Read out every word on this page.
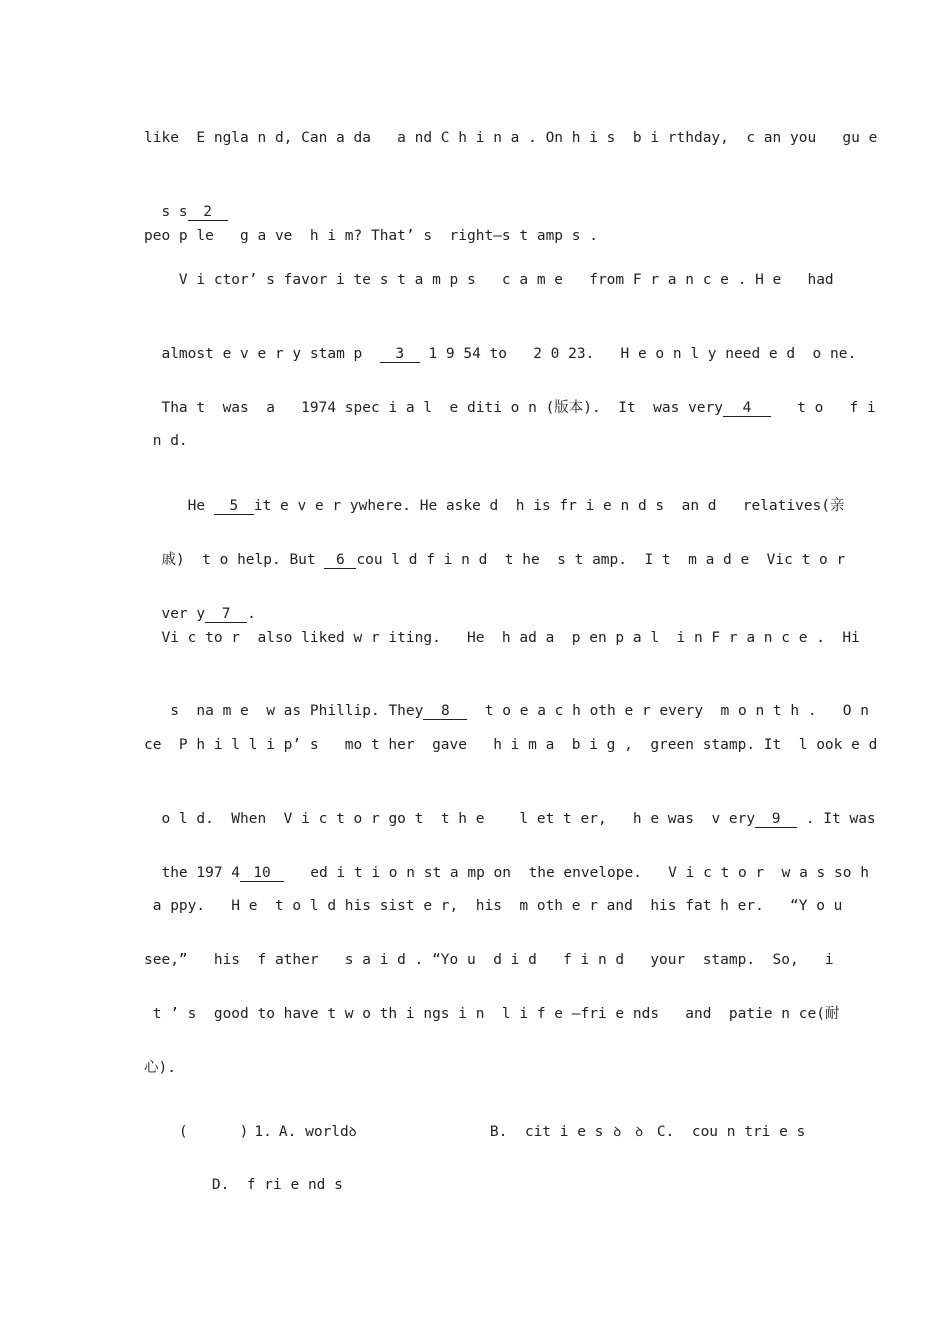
like  E ngla n d, Can a da   a nd C h i n a . On h i s  b i rthday,  c an you   gu e

s s 2

peo p le   g a ve  h i m? That’ s  right—s t amp s .
V i ctor’ s favor i te s t a m p s   c a m e   from F r a n c e . H e   had

almost e v e r y stam p  3 1 9 54 to   2 0 23.   H e o n l y need e d  o ne.

Tha t  was  a   1974 spec i a l  e diti o n (版本).  It  was very 4   t o   f i

n d.

He 5 it e v e r ywhere. He aske d  h is fr i e n d s  an d   relatives(亲

戚)  t o help. But 6 cou l d f i n d  t he  s t amp.  I t  m a d e  Vic t o r

ver y 7 .

Vi c to r  also liked w r iting.   He  h ad a  p en p a l  i n F r a n c e .  Hi

s  na m e  w as Phillip. They 8  t o e a c h oth e r every  m o n t h .   O n

ce  P h i l l i p’ s   mo t her  gave   h i m a  b i g ,  green stamp. It  l ook e d

o l d.  When  V i c t o r go t  t h e    l et t er,   h e was  v ery 9 . It was

the 197 4 10   ed i t i o n st a mp on  the envelope.   V i c t o r  w a s so h

a ppy.   H e  t o l d his sist e r,  his  m oth e r and  his fat h er.   “Y o u
see,”   his  f ather   s a i d . “Yo u  d i d   f i n d   your  stamp.  So,   i
t ’ s  good to have t w o th i ngs i n  l i f e —fri e nds   and  patie n ce(耐
心).

(	) 1.
A. worldꝺ
	B.  cit i e s ꝺ ꝺ
C.  cou n tri e s

D.  f ri e nd s
